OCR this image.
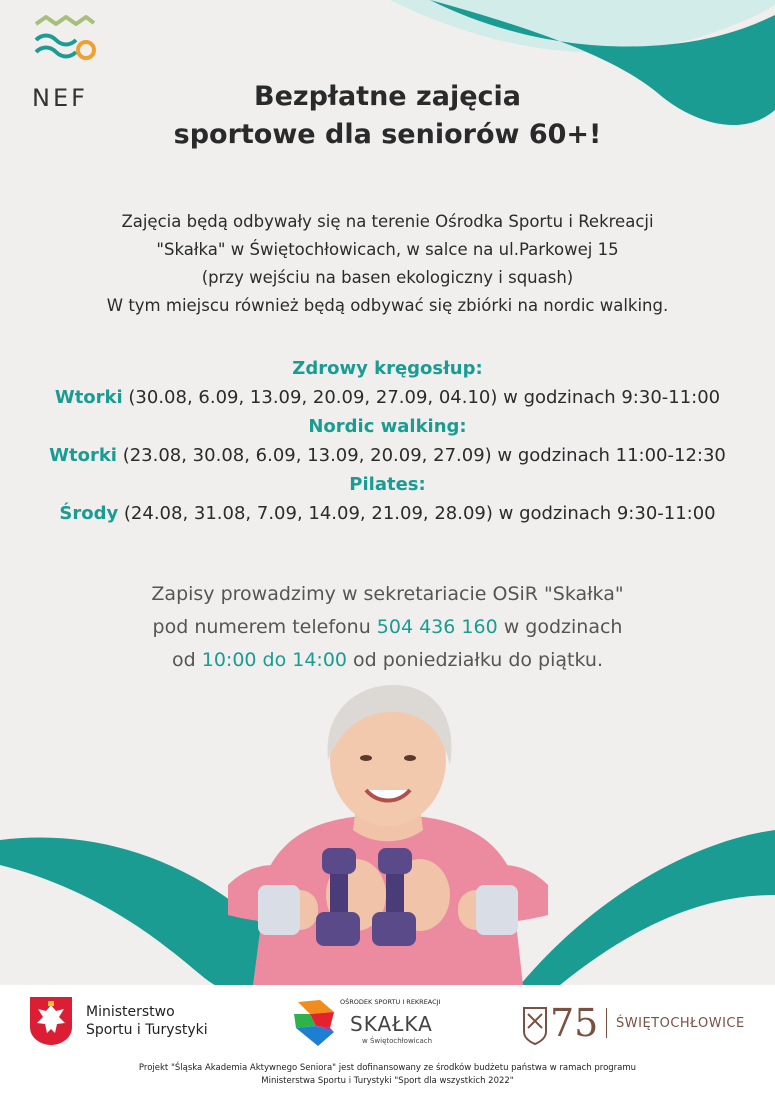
NEF	Bezpłatne zajęcia
sportowe dla seniorów 60+!
Zajęcia będą odbywały się na terenie Ośrodka Sportu i Rekreacji
"Skałka" w Świętochłowicach, w salce na ul.Parkowej 15
(przy wejściu na basen ekologiczny i squash)
W tym miejscu również będą odbywać się zbiórki na nordic walking.
Zdrowy kręgosłup:
Wtorki (30.08, 6.09, 13.09, 20.09, 27.09, 04.10) w godzinach 9:30-11:00
Nordic walking:
Wtorki (23.08, 30.08, 6.09, 13.09, 20.09, 27.09) w godzinach 11:00-12:30
Pilates:
Środy (24.08, 31.08, 7.09, 14.09, 21.09, 28.09) w godzinach 9:30-11:00
Zapisy prowadzimy w sekretariacie OSiR "Skałka"
pod numerem telefonu 504 436 160 w godzinach
od 10:00 do 14:00 od poniedziałku do piątku.
Ministerstwo
Sportu i Turystyki
OŚRODEK SPORTU I REKREACJI
SKAŁKA
w Świętochłowicach	75 ŚWIĘTOCHŁOWICE
Projekt "Śląska Akademia Aktywnego Seniora" jest dofinansowany ze środków budżetu państwa w ramach programu
Ministerstwa Sportu i Turystyki "Sport dla wszystkich 2022"
